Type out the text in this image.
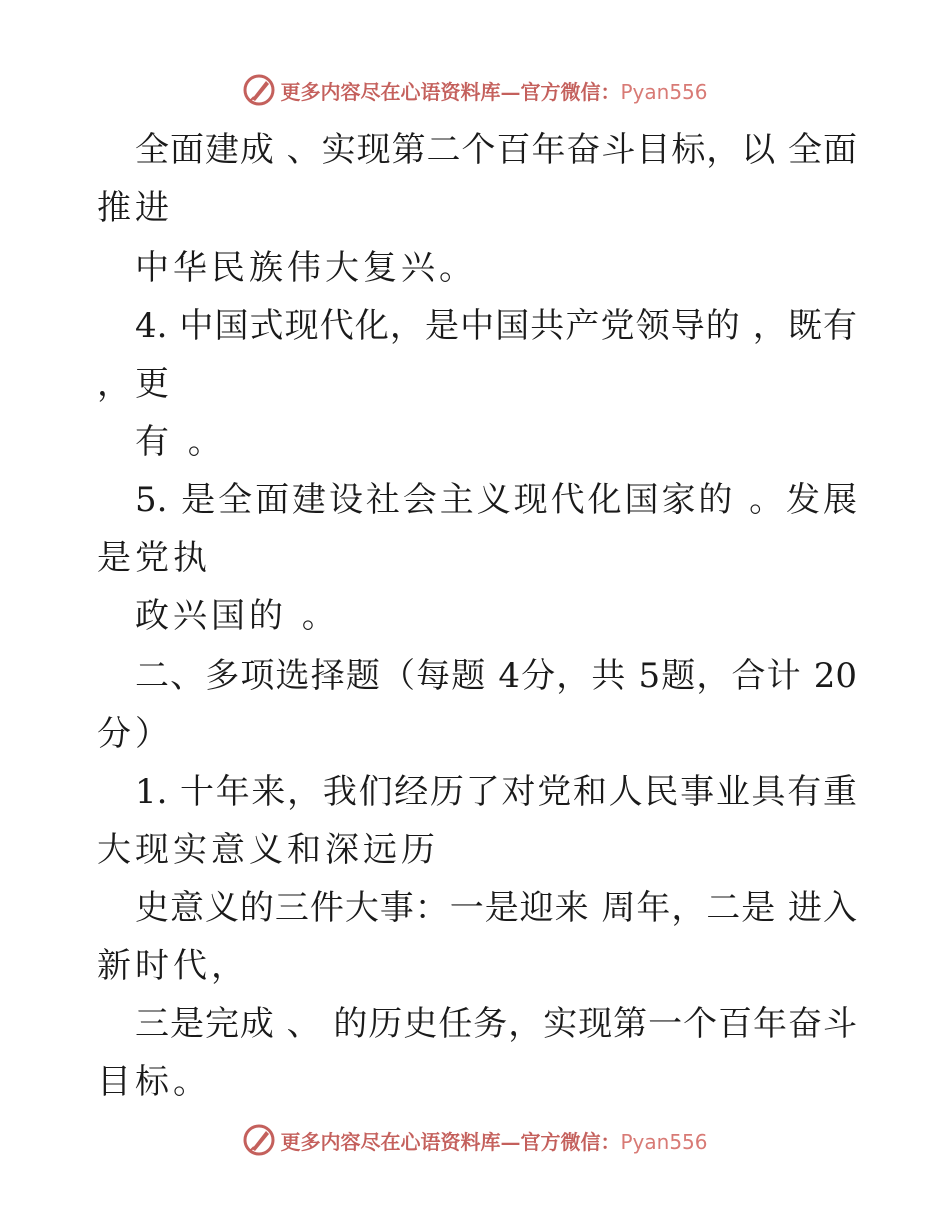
更多内容尽在心语资料库—官方微信：Pyan556
全面建成 、实现第二个百年奋斗目标，以 全面
推进
中华民族伟大复兴。
4. 中国式现代化，是中国共产党领导的 ，既有
，更
有 。
5. 是全面建设社会主义现代化国家的 。发展
是党执
政兴国的 。
二、多项选择题（每题 4分，共 5题，合计 20
分）
1. 十年来，我们经历了对党和人民事业具有重
大现实意义和深远历
史意义的三件大事：一是迎来 周年，二是 进入
新时代，
三是完成 、 的历史任务，实现第一个百年奋斗
目标。
更多内容尽在心语资料库—官方微信：Pyan556
